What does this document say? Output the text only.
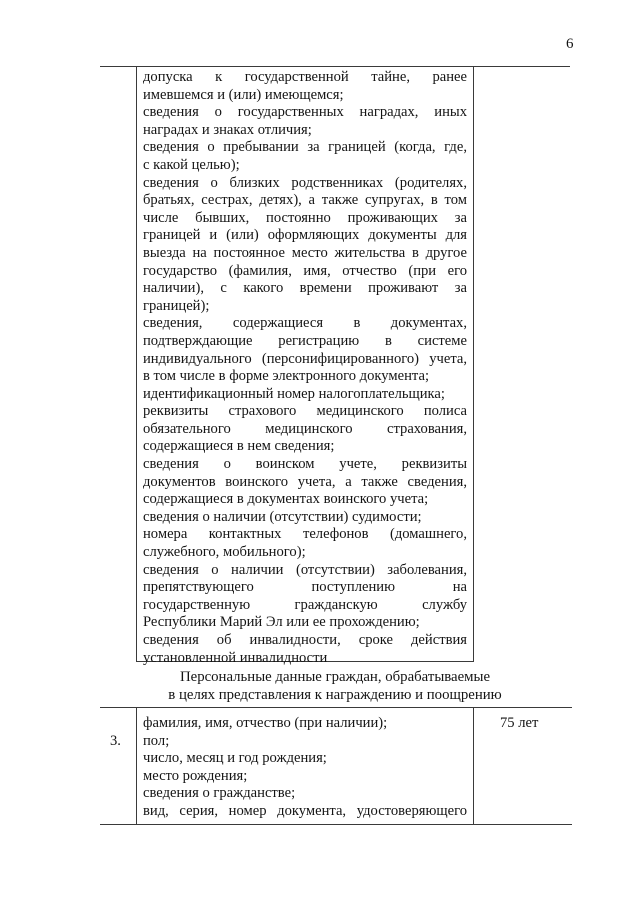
6
допуска к государственной тайне, ранее
имевшемся и (или) имеющемся;
сведения о государственных наградах, иных
наградах и знаках отличия;
сведения о пребывании за границей (когда, где,
с какой целью);
сведения о близких родственниках (родителях,
братьях, сестрах, детях), а также супругах, в том
числе бывших, постоянно проживающих за
границей и (или) оформляющих документы для
выезда на постоянное место жительства в другое
государство (фамилия, имя, отчество (при его
наличии), с какого времени проживают за
границей);
сведения, содержащиеся в документах,
подтверждающие регистрацию в системе
индивидуального (персонифицированного) учета,
в том числе в форме электронного документа;
идентификационный номер налогоплательщика;
реквизиты страхового медицинского полиса
обязательного медицинского страхования,
содержащиеся в нем сведения;
сведения о воинском учете, реквизиты
документов воинского учета, а также сведения,
содержащиеся в документах воинского учета;
сведения о наличии (отсутствии) судимости;
номера контактных телефонов (домашнего,
служебного, мобильного);
сведения о наличии (отсутствии) заболевания,
препятствующего поступлению на
государственную гражданскую службу
Республики Марий Эл или ее прохождению;
сведения об инвалидности, сроке действия
установленной инвалидности
Персональные данные граждан, обрабатываемые
в целях представления к награждению и поощрению
3.
фамилия, имя, отчество (при наличии);
пол;
число, месяц и год рождения;
место рождения;
сведения о гражданстве;
вид, серия, номер документа, удостоверяющего
75 лет
